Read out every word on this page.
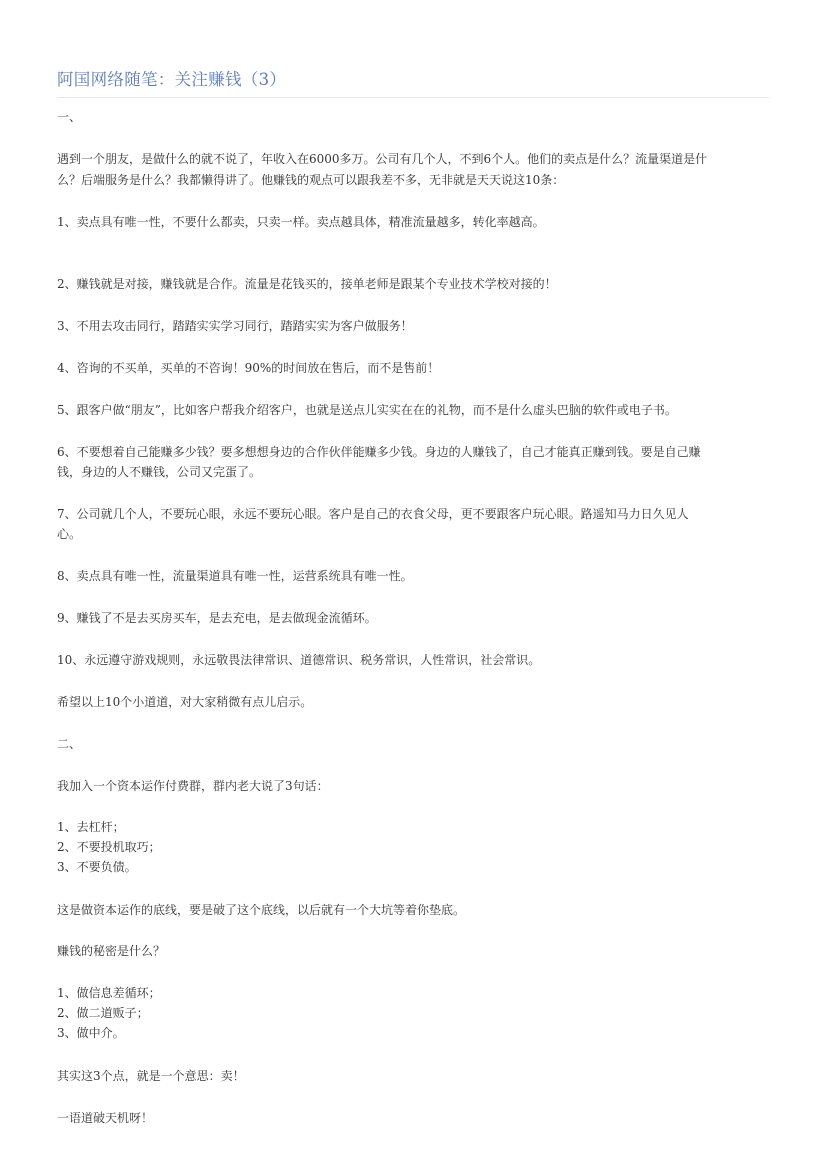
阿国网络随笔：关注赚钱（3）

一、

遇到一个朋友，是做什么的就不说了，年收入在6000多万。公司有几个人，不到6个人。他们的卖点是什么？流量渠道是什

么？后端服务是什么？我都懒得讲了。他赚钱的观点可以跟我差不多，无非就是天天说这10条：

1、卖点具有唯一性，不要什么都卖，只卖一样。卖点越具体，精准流量越多，转化率越高。

2、赚钱就是对接，赚钱就是合作。流量是花钱买的，接单老师是跟某个专业技术学校对接的！

3、不用去攻击同行，踏踏实实学习同行，踏踏实实为客户做服务！

4、咨询的不买单，买单的不咨询！90%的时间放在售后，而不是售前！

5、跟客户做“朋友”，比如客户帮我介绍客户，也就是送点儿实实在在的礼物，而不是什么虚头巴脑的软件或电子书。

6、不要想着自己能赚多少钱？要多想想身边的合作伙伴能赚多少钱。身边的人赚钱了，自己才能真正赚到钱。要是自己赚

钱，身边的人不赚钱，公司又完蛋了。

7、公司就几个人，不要玩心眼，永远不要玩心眼。客户是自己的衣食父母，更不要跟客户玩心眼。路遥知马力日久见人

心。

8、卖点具有唯一性，流量渠道具有唯一性，运营系统具有唯一性。

9、赚钱了不是去买房买车，是去充电，是去做现金流循环。

10、永远遵守游戏规则，永远敬畏法律常识、道德常识、税务常识，人性常识，社会常识。

希望以上10个小道道，对大家稍微有点儿启示。

二、

我加入一个资本运作付费群，群内老大说了3句话：

1、去杠杆；

2、不要投机取巧；

3、不要负债。

这是做资本运作的底线，要是破了这个底线，以后就有一个大坑等着你垫底。

赚钱的秘密是什么？

1、做信息差循环；

2、做二道贩子；

3、做中介。

其实这3个点，就是一个意思：卖！

一语道破天机呀！
